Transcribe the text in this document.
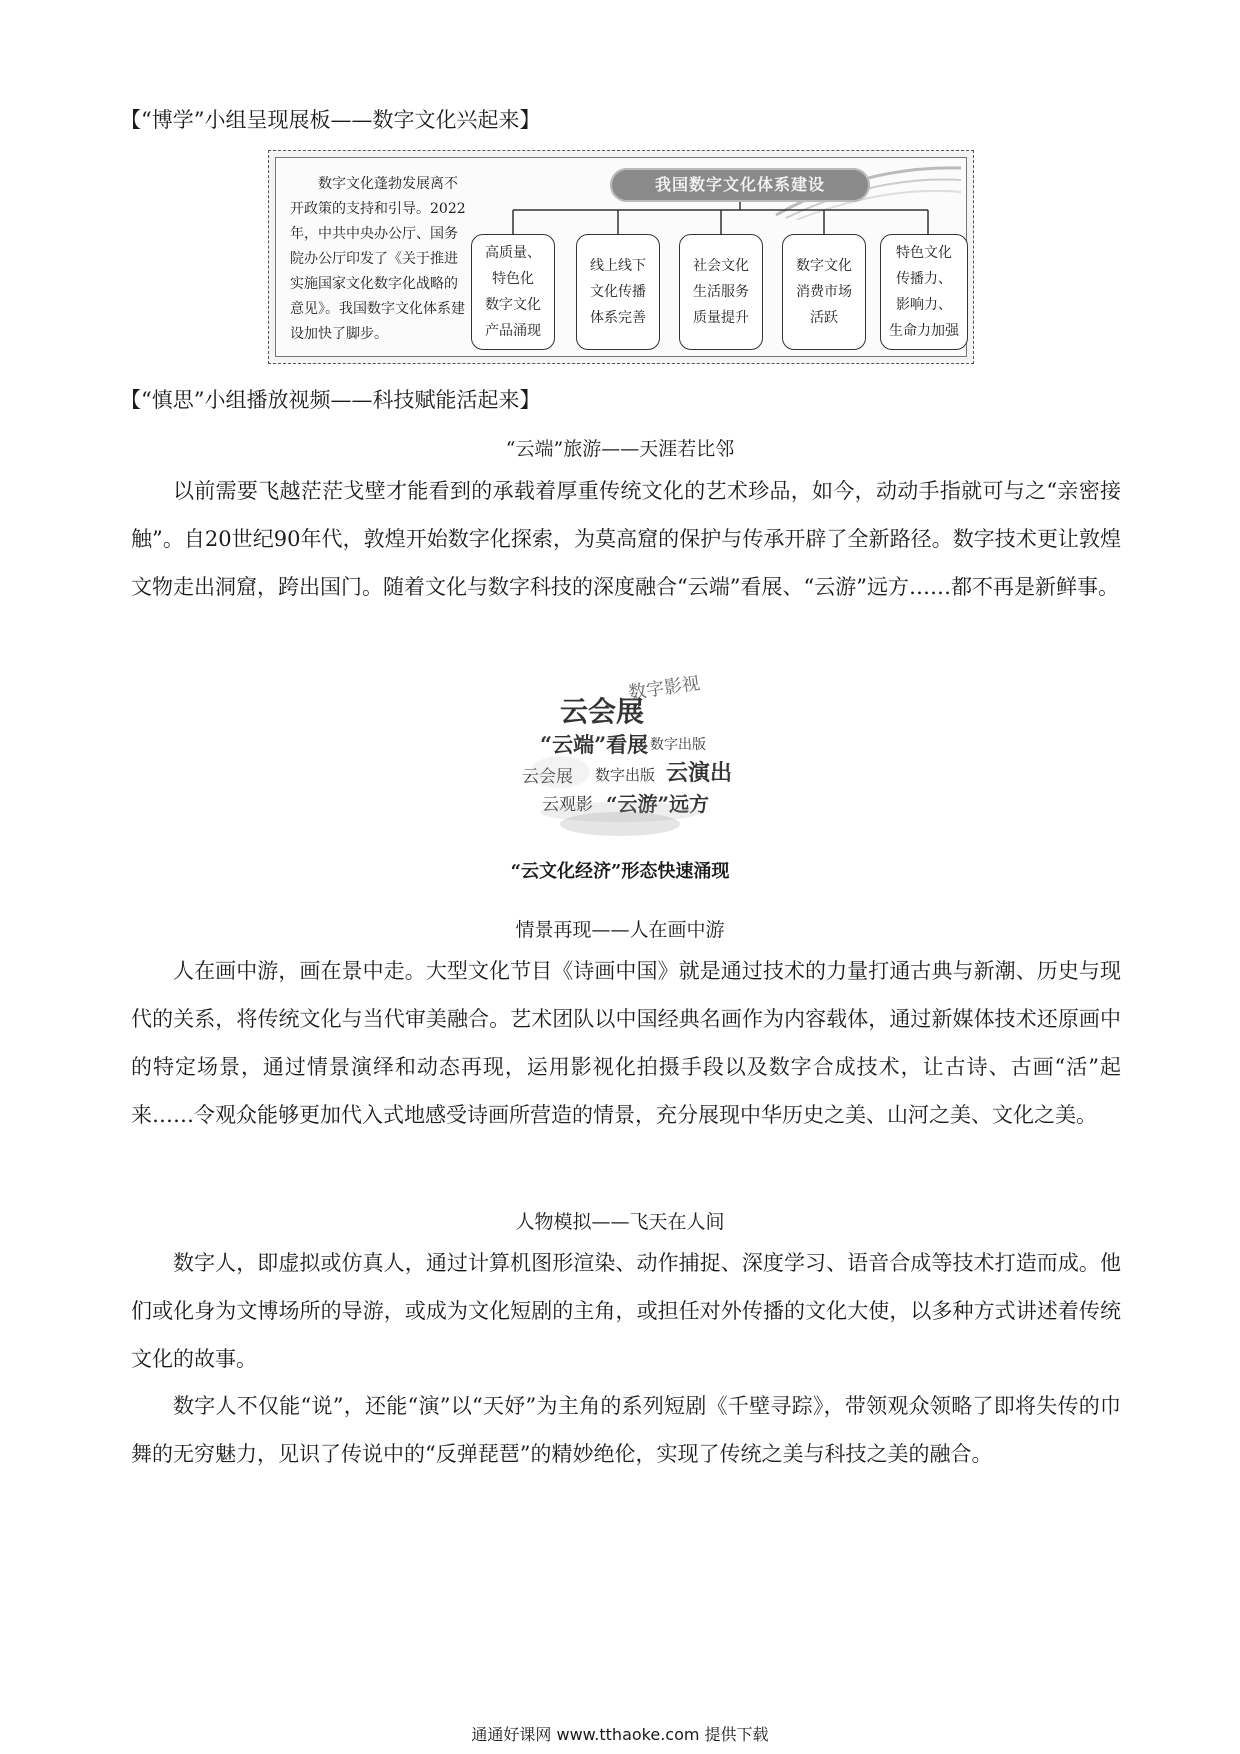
【“博学”小组呈现展板——数字文化兴起来】

数字文化蓬勃发展离不开政策的支持和引导。2022年，中共中央办公厅、国务院办公厅印发了《关于推进实施国家文化数字化战略的意见》。我国数字文化体系建设加快了脚步。

我国数字文化体系建设
高质量、
特色化
数字文化
产品涌现
线上线下
文化传播
体系完善
社会文化
生活服务
质量提升
数字文化
消费市场
活跃
特色文化
传播力、
影响力、
生命力加强
【“慎思”小组播放视频——科技赋能活起来】
“云端”旅游——天涯若比邻

以前需要飞越茫茫戈壁才能看到的承载着厚重传统文化的艺术珍品，如今，动动手指就可与之“亲密接触”。自20世纪90年代，敦煌开始数字化探索，为莫高窟的保护与传承开辟了全新路径。数字技术更让敦煌文物走出洞窟，跨出国门。随着文化与数字科技的深度融合“云端”看展、“云游”远方……都不再是新鲜事。

云会展
数字影视
“云端”看展 数字出版
云会展 数字出版 云演出
云观影 “云游”远方
“云文化经济”形态快速涌现
情景再现——人在画中游

人在画中游，画在景中走。大型文化节目《诗画中国》就是通过技术的力量打通古典与新潮、历史与现代的关系，将传统文化与当代审美融合。艺术团队以中国经典名画作为内容载体，通过新媒体技术还原画中的特定场景，通过情景演绎和动态再现，运用影视化拍摄手段以及数字合成技术，让古诗、古画“活”起来……令观众能够更加代入式地感受诗画所营造的情景，充分展现中华历史之美、山河之美、文化之美。

人物模拟——飞天在人间

数字人，即虚拟或仿真人，通过计算机图形渲染、动作捕捉、深度学习、语音合成等技术打造而成。他们或化身为文博场所的导游，或成为文化短剧的主角，或担任对外传播的文化大使，以多种方式讲述着传统文化的故事。

数字人不仅能“说”，还能“演”以“天妤”为主角的系列短剧《千壁寻踪》，带领观众领略了即将失传的巾舞的无穷魅力，见识了传说中的“反弹琵琶”的精妙绝伦，实现了传统之美与科技之美的融合。

通通好课网 www.tthaoke.com 提供下载
